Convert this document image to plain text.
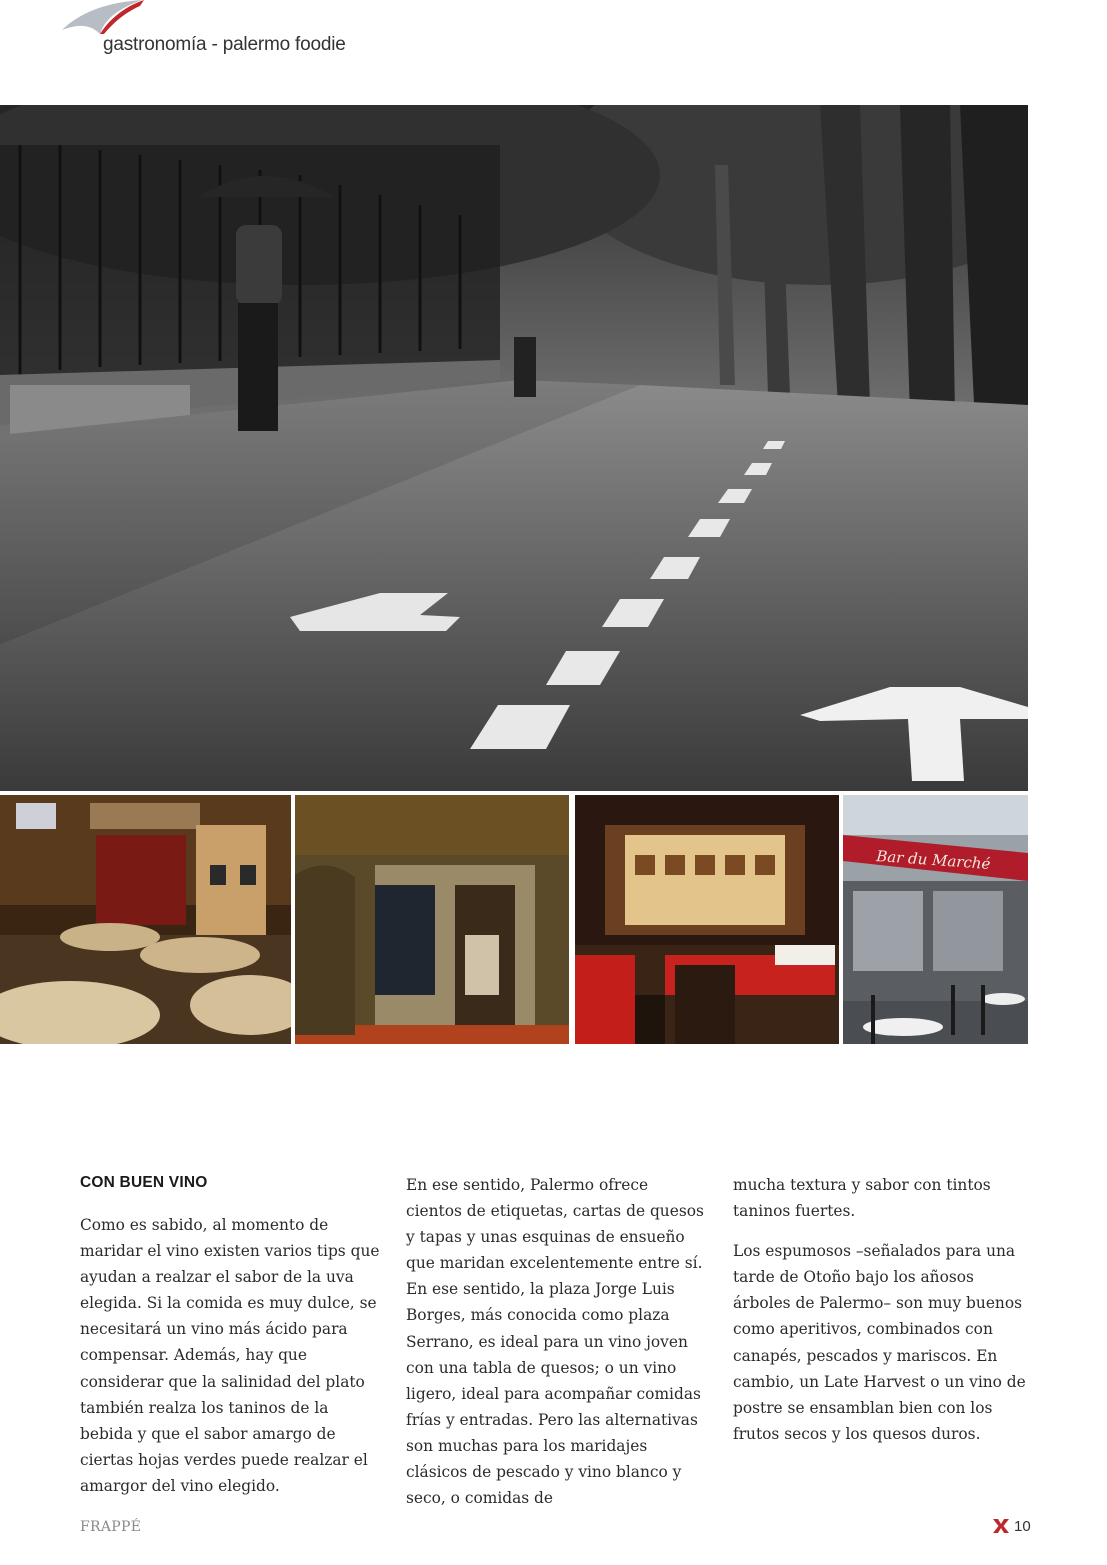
gastronomía - palermo foodie
Bar du Marché
CON BUEN VINO

Como es sabido, al momento de maridar el vino existen varios tips que ayudan a realzar el sabor de la uva elegida. Si la comida es muy dulce, se necesitará un vino más ácido para compensar. Además, hay que considerar que la salinidad del plato también realza los taninos de la bebida y que el sabor amargo de ciertas hojas verdes puede realzar el amargor del vino elegido.

En ese sentido, Palermo ofrece cientos de etiquetas, cartas de quesos y tapas y unas esquinas de ensueño que maridan excelentemente entre sí. En ese sentido, la plaza Jorge Luis Borges, más conocida como plaza Serrano, es ideal para un vino joven con una tabla de quesos; o un vino ligero, ideal para acompañar comidas frías y entradas. Pero las alternativas son muchas para los maridajes clásicos de pescado y vino blanco y seco, o comidas de

mucha textura y sabor con tintos taninos fuertes.

Los espumosos –señalados para una tarde de Otoño bajo los añosos árboles de Palermo– son muy buenos como aperitivos, combinados con canapés, pescados y mariscos. En cambio, un Late Harvest o un vino de postre se ensamblan bien con los frutos secos y los quesos duros.

FRAPPÉ	10
